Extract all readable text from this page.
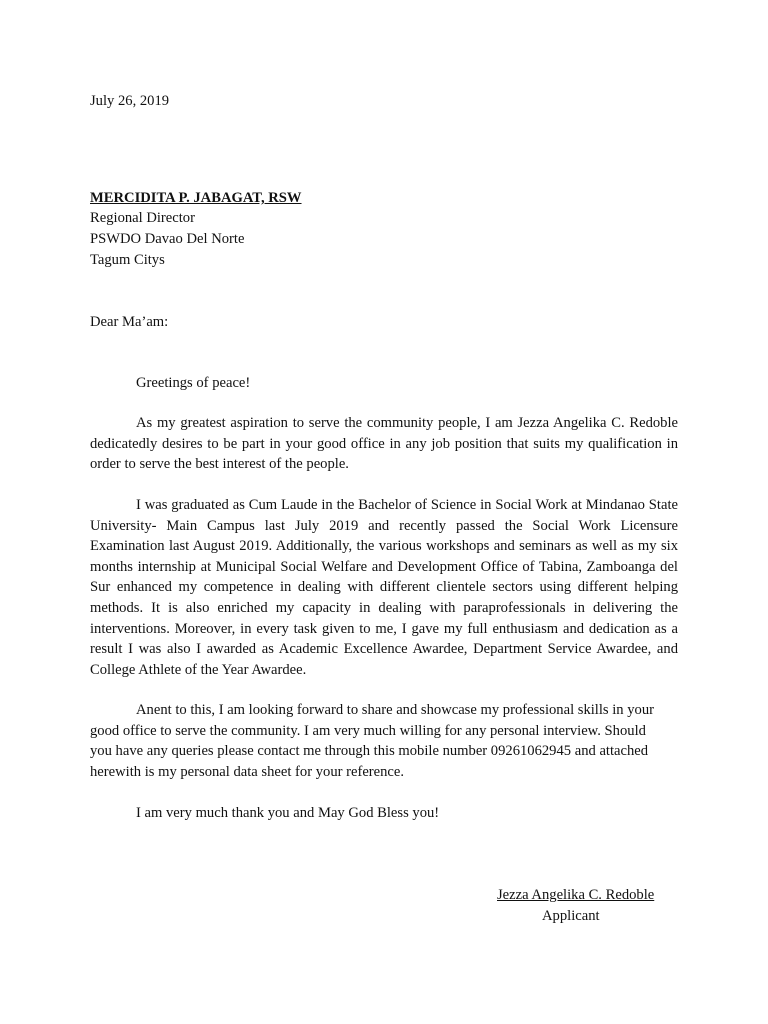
July 26, 2019
MERCIDITA P. JABAGAT, RSW
Regional Director
PSWDO Davao Del Norte
Tagum Citys
Dear Ma’am:
Greetings of peace!

As my greatest aspiration to serve the community people, I am Jezza Angelika C. Redoble dedicatedly desires to be part in your good office in any job position that suits my qualification in order to serve the best interest of the people.

I was graduated as Cum Laude in the Bachelor of Science in Social Work at Mindanao State University- Main Campus last July 2019 and recently passed the Social Work Licensure Examination last August 2019. Additionally, the various workshops and seminars as well as my six months internship at Municipal Social Welfare and Development Office of Tabina, Zamboanga del Sur enhanced my competence in dealing with different clientele sectors using different helping methods. It is also enriched my capacity in dealing with paraprofessionals in delivering the interventions. Moreover, in every task given to me, I gave my full enthusiasm and dedication as a result I was also I awarded as Academic Excellence Awardee, Department Service Awardee, and College Athlete of the Year Awardee.

Anent to this, I am looking forward to share and showcase my professional skills in your good office to serve the community. I am very much willing for any personal interview. Should you have any queries please contact me through this mobile number 09261062945 and attached herewith is my personal data sheet for your reference.

I am very much thank you and May God Bless you!
Jezza Angelika C. Redoble
Applicant
